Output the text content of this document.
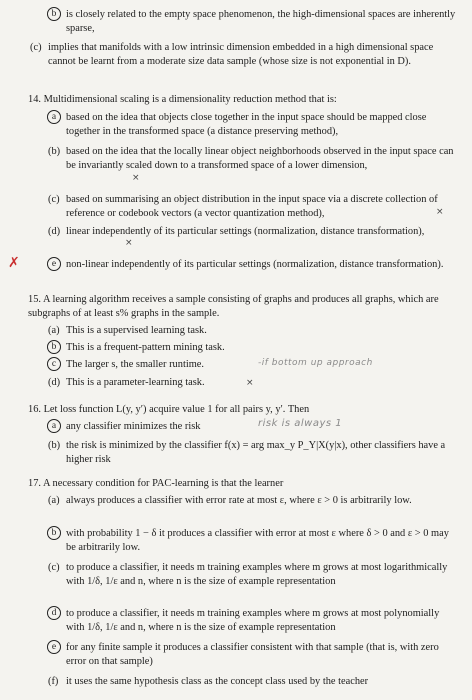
b is closely related to the empty space phenomenon, the high-dimensional spaces are inherently sparse,
(c) implies that manifolds with a low intrinsic dimension embedded in a high dimensional space cannot be learnt from a moderate size data sample (whose size is not exponential in D).
14. Multidimensional scaling is a dimensionality reduction method that is:
a based on the idea that objects close together in the input space should be mapped close together in the transformed space (a distance preserving method),
(b) based on the idea that the locally linear object neighborhoods observed in the input space can be invariantly scaled down to a transformed space of a lower dimension,
×
(c) based on summarising an object distribution in the input space via a discrete collection of reference or codebook vectors (a vector quantization method),	×
(d) linear independently of its particular settings (normalization, distance transformation),
×
✗	e non-linear independently of its particular settings (normalization, distance transformation).
15. A learning algorithm receives a sample consisting of graphs and produces all graphs, which are subgraphs of at least s% graphs in the sample.
(a) This is a supervised learning task.
b This is a frequent-pattern mining task.
c The larger s, the smaller runtime.	-if bottom up approach
(d) This is a parameter-learning task.	×
16. Let loss function L(y, y′) acquire value 1 for all pairs y, y′. Then
a any classifier minimizes the risk	risk is always 1
(b) the risk is minimized by the classifier f(x) = arg max_y P_Y|X(y|x), other classifiers have a higher risk
17. A necessary condition for PAC-learning is that the learner
(a) always produces a classifier with error rate at most ε, where ε > 0 is arbitrarily low.
b with probability 1 − δ it produces a classifier with error at most ε where δ > 0 and ε > 0 may be arbitrarily low.
(c) to produce a classifier, it needs m training examples where m grows at most logarithmically with 1/δ, 1/ε and n, where n is the size of example representation
d to produce a classifier, it needs m training examples where m grows at most polynomially with 1/δ, 1/ε and n, where n is the size of example representation
e for any finite sample it produces a classifier consistent with that sample (that is, with zero error on that sample)
(f) it uses the same hypothesis class as the concept class used by the teacher
